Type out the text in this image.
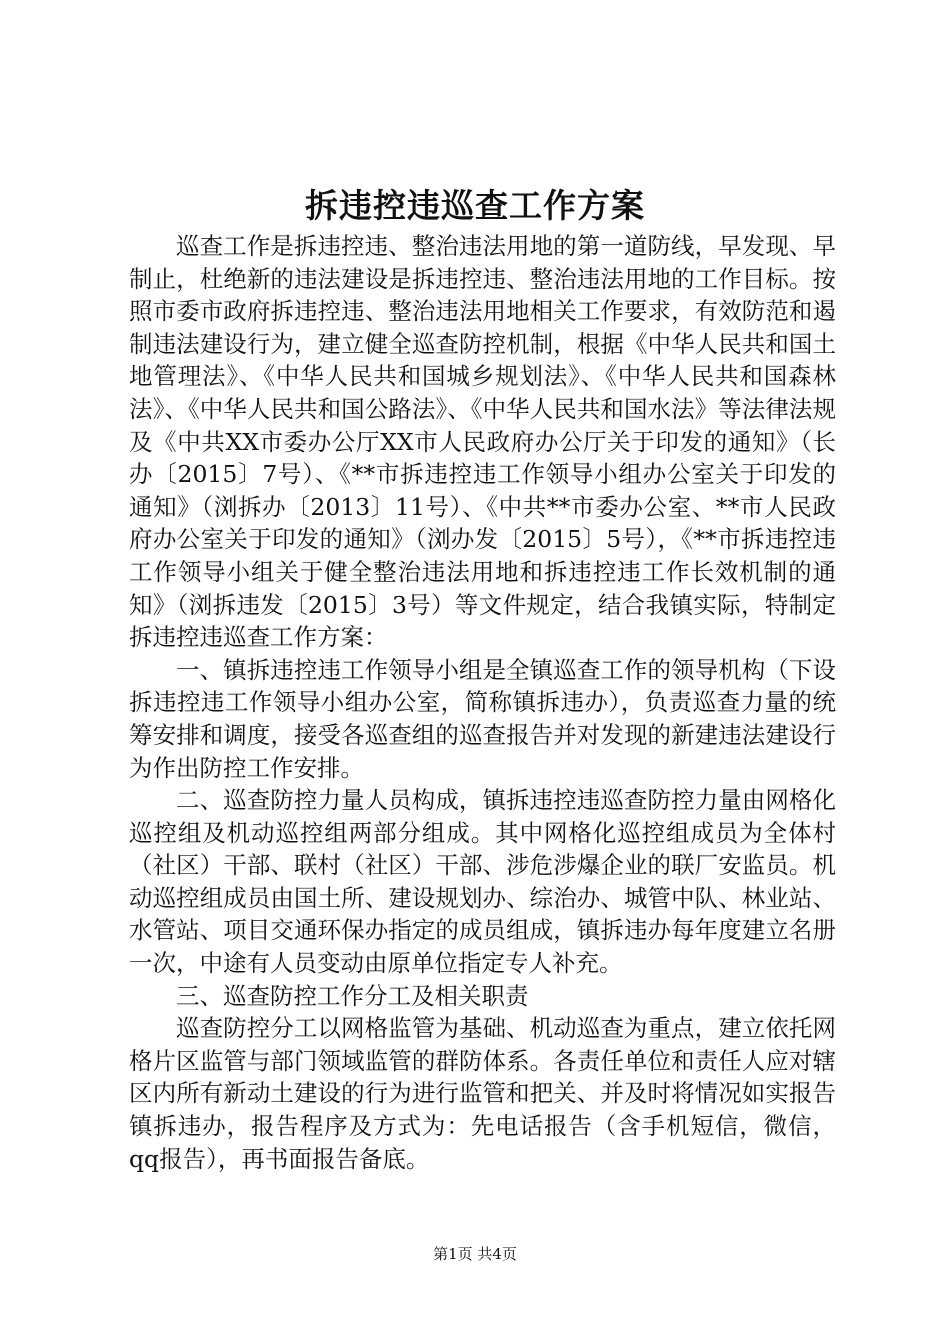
拆违控违巡查工作方案

巡查工作是拆违控违、整治违法用地的第一道防线，早发现、早制止，杜绝新的违法建设是拆违控违、整治违法用地的工作目标。按照市委市政府拆违控违、整治违法用地相关工作要求，有效防范和遏制违法建设行为，建立健全巡查防控机制，根据《中华人民共和国土地管理法》、《中华人民共和国城乡规划法》、《中华人民共和国森林法》、《中华人民共和国公路法》、《中华人民共和国水法》等法律法规及《中共XX市委办公厅XX市人民政府办公厅关于印发的通知》（长办〔2015〕7号）、《**市拆违控违工作领导小组办公室关于印发的通知》（浏拆办〔2013〕11号）、《中共**市委办公室、**市人民政府办公室关于印发的通知》（浏办发〔2015〕5号），《**市拆违控违工作领导小组关于健全整治违法用地和拆违控违工作长效机制的通知》（浏拆违发〔2015〕3号）等文件规定，结合我镇实际，特制定拆违控违巡查工作方案：

一、镇拆违控违工作领导小组是全镇巡查工作的领导机构（下设拆违控违工作领导小组办公室，简称镇拆违办），负责巡查力量的统筹安排和调度，接受各巡查组的巡查报告并对发现的新建违法建设行为作出防控工作安排。

二、巡查防控力量人员构成，镇拆违控违巡查防控力量由网格化巡控组及机动巡控组两部分组成。其中网格化巡控组成员为全体村（社区）干部、联村（社区）干部、涉危涉爆企业的联厂安监员。机动巡控组成员由国土所、建设规划办、综治办、城管中队、林业站、水管站、项目交通环保办指定的成员组成，镇拆违办每年度建立名册一次，中途有人员变动由原单位指定专人补充。

三、巡查防控工作分工及相关职责

巡查防控分工以网格监管为基础、机动巡查为重点，建立依托网格片区监管与部门领域监管的群防体系。各责任单位和责任人应对辖区内所有新动土建设的行为进行监管和把关、并及时将情况如实报告镇拆违办，报告程序及方式为：先电话报告（含手机短信，微信，qq报告），再书面报告备底。

第1页 共4页
